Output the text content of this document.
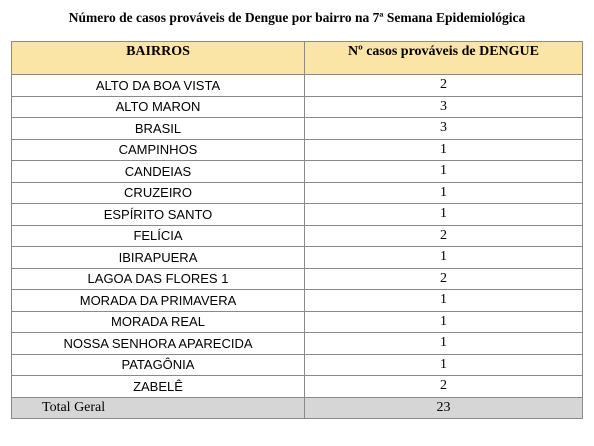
Número de casos prováveis de Dengue por bairro na 7ª Semana Epidemiológica
BAIRROS	Nº casos prováveis de DENGUE
ALTO DA BOA VISTA	2
ALTO MARON	3
BRASIL	3
CAMPINHOS	1
CANDEIAS	1
CRUZEIRO	1
ESPÍRITO SANTO	1
FELÍCIA	2
IBIRAPUERA	1
LAGOA DAS FLORES 1	2
MORADA DA PRIMAVERA	1
MORADA REAL	1
NOSSA SENHORA APARECIDA	1
PATAGÔNIA	1
ZABELÊ	2
Total Geral	23
